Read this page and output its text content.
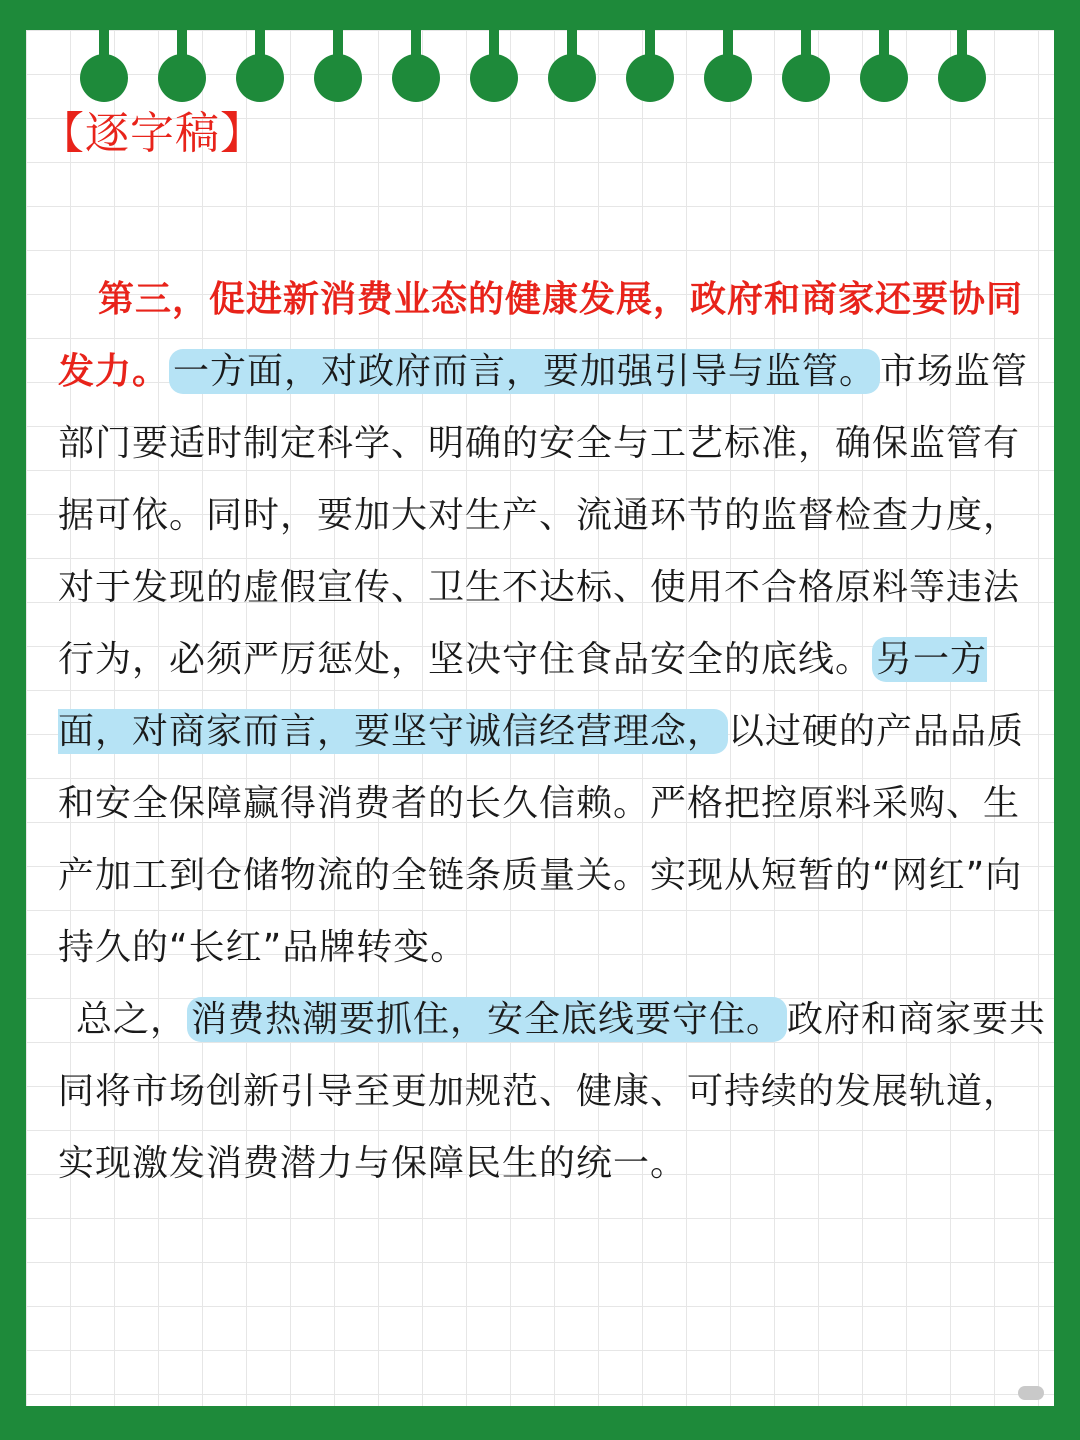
【逐字稿】

第三，促进新消费业态的健康发展，政府和商家还要协同发力。 一方面，对政府而言，要加强引导与监管。 市场监管部门要适时制定科学、明确的安全与工艺标准，确保监管有据可依。同时，要加大对生产、流通环节的监督检查力度，对于发现的虚假宣传、卫生不达标、使用不合格原料等违法行为，必须严厉惩处，坚决守住食品安全的底线。 另一方面，对商家而言，要坚守诚信经营理念， 以过硬的产品品质和安全保障赢得消费者的长久信赖。严格把控原料采购、生产加工到仓储物流的全链条质量关。实现从短暂的“网红”向持久的“长红”品牌转变。

总之， 消费热潮要抓住，安全底线要守住。 政府和商家要共同将市场创新引导至更加规范、健康、可持续的发展轨道，实现激发消费潜力与保障民生的统一。
